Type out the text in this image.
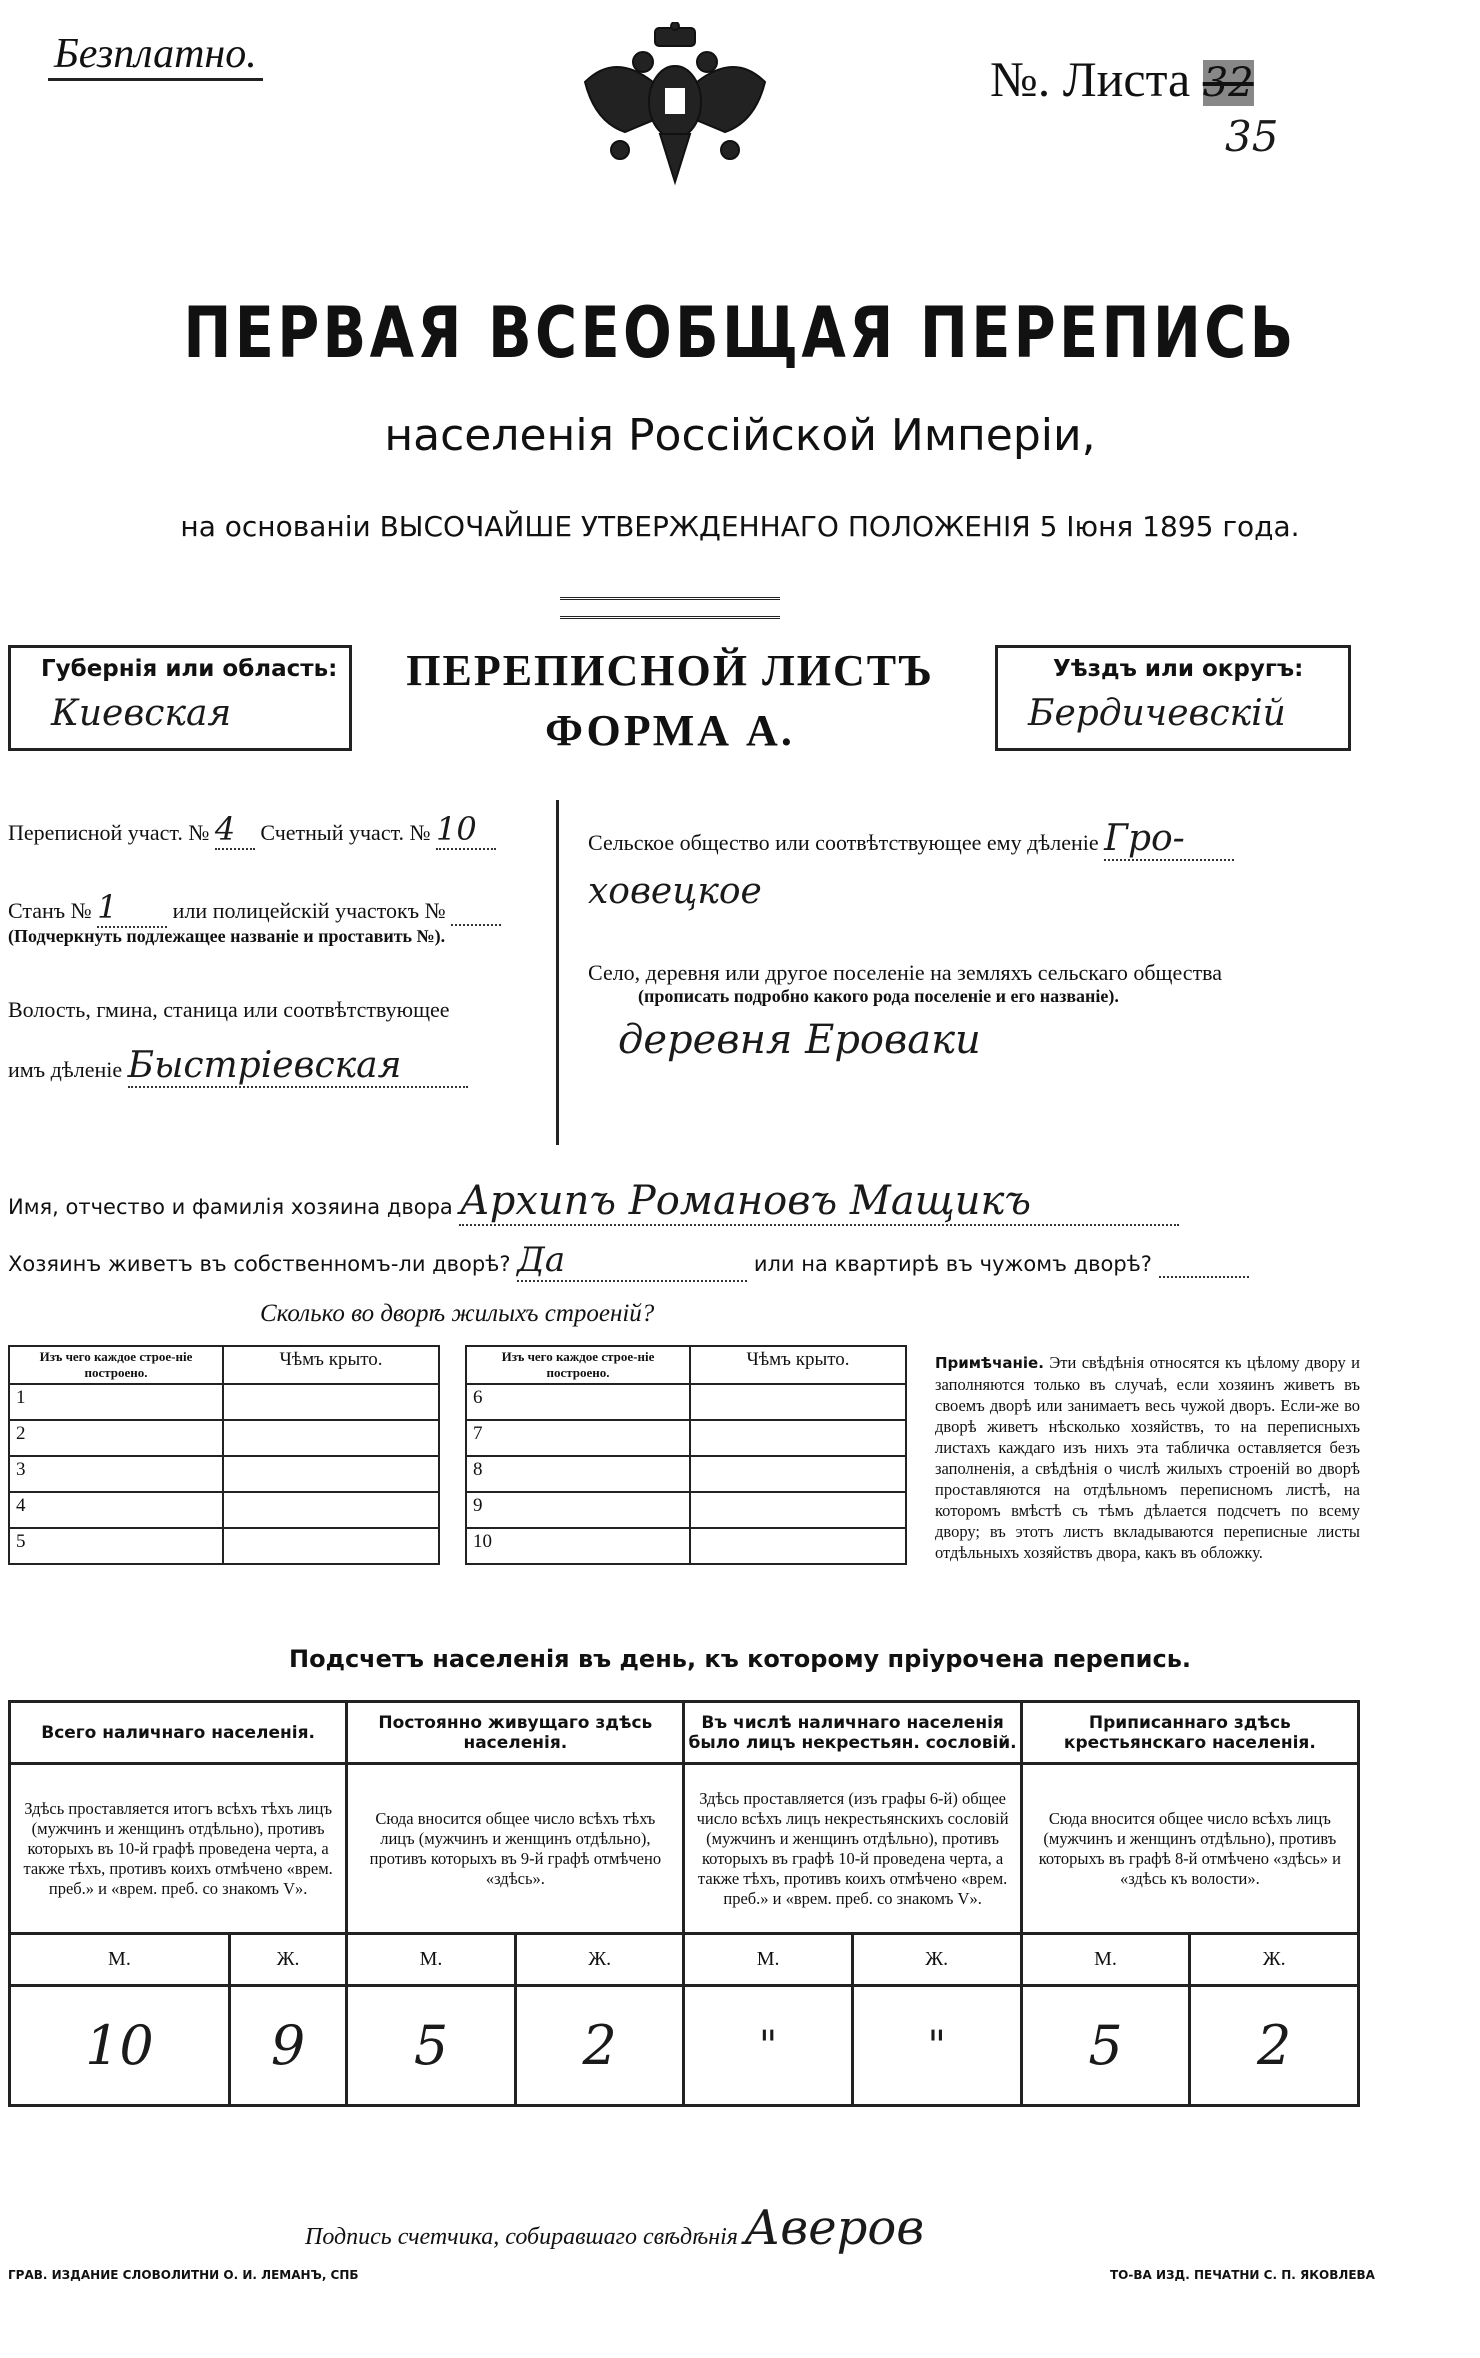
Безплатно.	№. Листа 32
35
ПЕРВАЯ ВСЕОБЩАЯ ПЕРЕПИСЬ
населенія Россійской Имперіи,
на основаніи ВЫСОЧАЙШЕ УТВЕРЖДЕННАГО ПОЛОЖЕНІЯ 5 Іюня 1895 года.
Губернія или область:
Киевская
ПЕРЕПИСНОЙ ЛИСТЪ
ФОРМА А.
Уѣздъ или округъ:
Бердичевскій
Переписной участ. № 4 Счетный участ. № 10
Станъ № 1	или полицейскій участокъ №
(Подчеркнуть подлежащее названіе и проставить №).
Волость, гмина, станица или соотвѣтствующее
имъ дѣленіе Быстріевская
Сельское общество или соотвѣтствующее ему дѣленіе Гро-
ховецкое
Село, деревня или другое поселеніе на земляхъ сельскаго общества
(прописать подробно какого рода поселеніе и его названіе).
деревня Ероваки
Имя, отчество и фамилія хозяина двора Архипъ Романовъ Мащикъ
Хозяинъ живетъ въ собственномъ-ли дворѣ? Да	или на квартирѣ въ чужомъ дворѣ?
Сколько во дворѣ жилыхъ строеній?
Изъ чего каждое строе-ніе построено.	Чѣмъ крыто.
1	
2	
3	
4	
5	
Изъ чего каждое строе-ніе построено.	Чѣмъ крыто.
6	
7	
8	
9	
10	
Примѣчаніе. Эти свѣдѣнія относятся къ цѣлому двору и заполняются только въ случаѣ, если хозяинъ живетъ въ своемъ дворѣ или занимаетъ весь чужой дворъ. Если-же во дворѣ живетъ нѣсколько хозяйствъ, то на переписныхъ листахъ каждаго изъ нихъ эта табличка оставляется безъ заполненія, а свѣдѣнія о числѣ жилыхъ строеній во дворѣ проставляются на отдѣльномъ переписномъ листѣ, на которомъ вмѣстѣ съ тѣмъ дѣлается подсчетъ по всему двору; въ этотъ листъ вкладываются переписные листы отдѣльныхъ хозяйствъ двора, какъ въ обложку.
Подсчетъ населенія въ день, къ которому пріурочена перепись.
Всего наличнаго населенія.		Постоянно живущаго здѣсь населенія.		Въ числѣ наличнаго населенія было лицъ некрестьян. сословій.		Приписаннаго здѣсь крестьянскаго населенія.	
Здѣсь проставляется итогъ всѣхъ тѣхъ лицъ (мужчинъ и женщинъ отдѣльно), противъ которыхъ въ 10-й графѣ проведена черта, а также тѣхъ, противъ коихъ отмѣчено «врем. преб.» и «врем. преб. со знакомъ V».		Сюда вносится общее число всѣхъ тѣхъ лицъ (мужчинъ и женщинъ отдѣльно), противъ которыхъ въ 9-й графѣ отмѣчено «здѣсь».		Здѣсь проставляется (изъ графы 6-й) общее число всѣхъ лицъ некрестьянскихъ сословій (мужчинъ и женщинъ отдѣльно), противъ которыхъ въ графѣ 10-й проведена черта, а также тѣхъ, противъ коихъ отмѣчено «врем. преб.» и «врем. преб. со знакомъ V».		Сюда вносится общее число всѣхъ лицъ (мужчинъ и женщинъ отдѣльно), противъ которыхъ въ графѣ 8-й отмѣчено «здѣсь» и «здѣсь къ волости».	
М.	Ж.	М.	Ж.	М.	Ж.	М.	Ж.
10	9	5	2	"	"	5	2
Подпись счетчика, собиравшаго свѣдѣнія Аверов
ГРАВ. ИЗДАНИЕ СЛОВОЛИТНИ О. И. ЛЕМАНЪ, СПБ	ТО-ВА ИЗД. ПЕЧАТНИ С. П. ЯКОВЛЕВА
